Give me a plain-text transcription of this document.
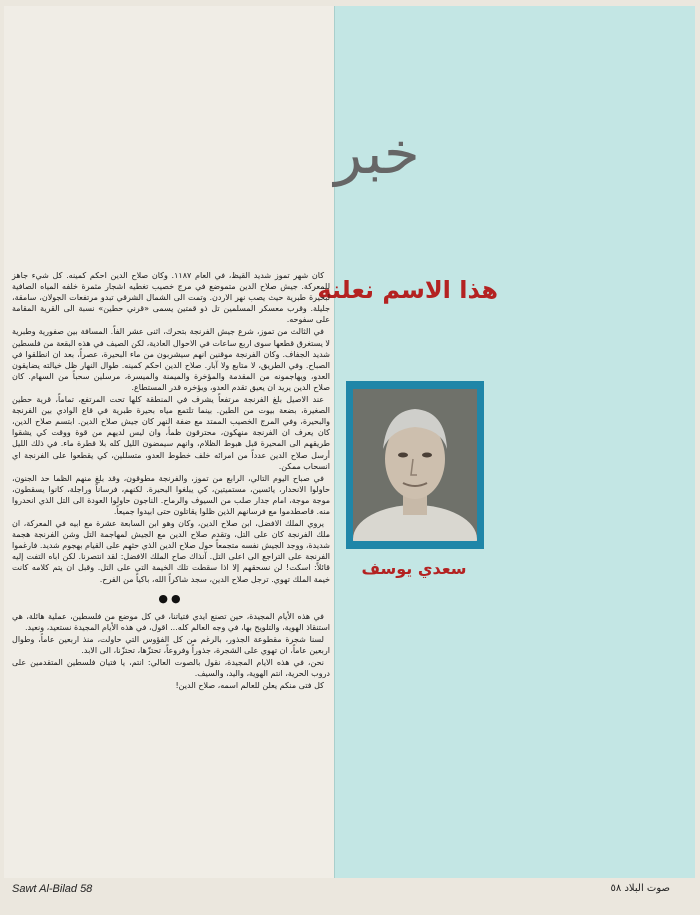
خبر
هذا الاسم نعلنه
سعدي يوسف

كان شهر تموز شديد القيظ، في العام ١١٨٧. وكان صلاح الدين احكم كمينه. كل شيء جاهز للمعركة. جيش صلاح الدين متموضع في مرج خصيب تغطيه اشجار مثمرة خلفه المياه الصافية لبحيرة طبرية حيث يصب نهر الاردن. وتمت الى الشمال الشرقي تبدو مرتفعات الجولان، سامقة، جليلة. وقرب معسكر المسلمين تل ذو قمتين يسمى «قرني حطين» نسبة الى القرية المقامة على سفوحه.

في الثالث من تموز، شرع جيش الفرنجة بتحرك، اثنى عشر الفاً. المسافة بين صفورية وطبرية لا يستغرق قطعها سوى اربع ساعات في الاحوال العادية، لكن الصيف في هذه البقعة من فلسطين شديد الجفاف. وكان الفرنجة موقنين انهم سيشربون من ماء البحيرة، عصراً، بعد ان انطلقوا في الصباح. وفي الطريق، لا متابع ولا آبار. صلاح الدين احكم كمينه. طوال النهار ظل خيالته يضايقون العدو، ويهاجمونه من المقدمة والمؤخرة والميمنة والميسرة، مرسلين سحباً من السهام. كان صلاح الدين يريد ان يعيق تقدم العدو، ويؤخره قدر المستطاع.

عند الاصيل بلغ الفرنجة مرتفعاً يشرف في المنطقة كلها تحت المرتفع، تماماً، قرية حطين الصغيرة، بضعة بيوت من الطين. بينما تلتمع مياه بحيرة طبرية في قاع الوادي بين الفرنجة والبحيرة، وفي المرج الخصيب الممتد مع ضفة النهر كان جيش صلاح الدين. ابتسم صلاح الدين، كان يعرف ان الفرنجة منهكون، محترقون ظمأ، وان ليس لديهم من قوة ووقت كي يشقوا طريقهم الى المحيرة قبل هبوط الظلام، وانهم سيمضون الليل كله بلا قطرة ماء. في ذلك الليل أرسل صلاح الدين عدداً من امرائه خلف خطوط العدو، متسللين، كي يقطعوا على الفرنجة اي انسحاب ممكن.

في صباح اليوم التالي، الرابع من تموز، والفرنجة مطوقون، وقد بلغ منهم الظما حد الجنون، حاولوا الانحدار، يائسين، مستميتين، كي يبلغوا البحيرة. لكنهم، فرساناً وراجلة، كانوا يسقطون، موجة موجة، امام جدار صلب من السيوف والرماح. الناجون حاولوا العودة الى التل الذي انحدروا منه. فاصطدموا مع فرسانهم الذين ظلوا يقاتلون حتى ابيدوا جميعاً.

يروي الملك الافضل، ابن صلاح الدين، وكان وهو ابن السابعة عشرة مع ابيه في المعركة، ان ملك الفرنجة كان على التل، وتقدم صلاح الدين مع الجيش لمهاجمة التل وشن الفرنجة هجمة شديدة، ووجد الجيش نفسه متجمعاً حول صلاح الدين الذي حثهم على القيام بهجوم شديد. فارغموا الفرنجة على التراجع الى اعلى التل. آنذاك صاح الملك الافضل: لقد انتصرنا. لكن اباه التفت إليه قائلاً: اسكت! لن نسحقهم إلا اذا سقطت تلك الخيمة التي على التل. وقبل ان يتم كلامه كانت خيمة الملك تهوي. ترجل صلاح الدين، سجد شاكراً الله، باكياً من الفرح.

●●

في هذه الأيام المجيدة، حين تصنع ايدي فتياتنا، في كل موضع من فلسطين، عملية هائلة، هي استنقاذ الهوية، والتلويح بها، في وجه العالم كله... اقول، في هذه الأيام المجيدة نستعيد، ونعيد.

لسنا شجرة مقطوعة الجذور، بالرغم من كل الفؤوس التي حاولت، منذ اربعين عاماً، وطوال اربعين عاماً، ان تهوي على الشجرة، جذوراً وفروعاً، تحتزّها، تحتزّنا، الى الابد.

نحن، في هذه الايام المجيدة، نقول بالصوت العالي: انتم، يا فتيان فلسطين المتقدمين على دروب الحرية، انتم الهوية، واليد، والسيف.

كل فتى منكم يعلن للعالم اسمه، صلاح الدين!

Sawt Al-Bilad 58	صوت البلاد ٥٨
